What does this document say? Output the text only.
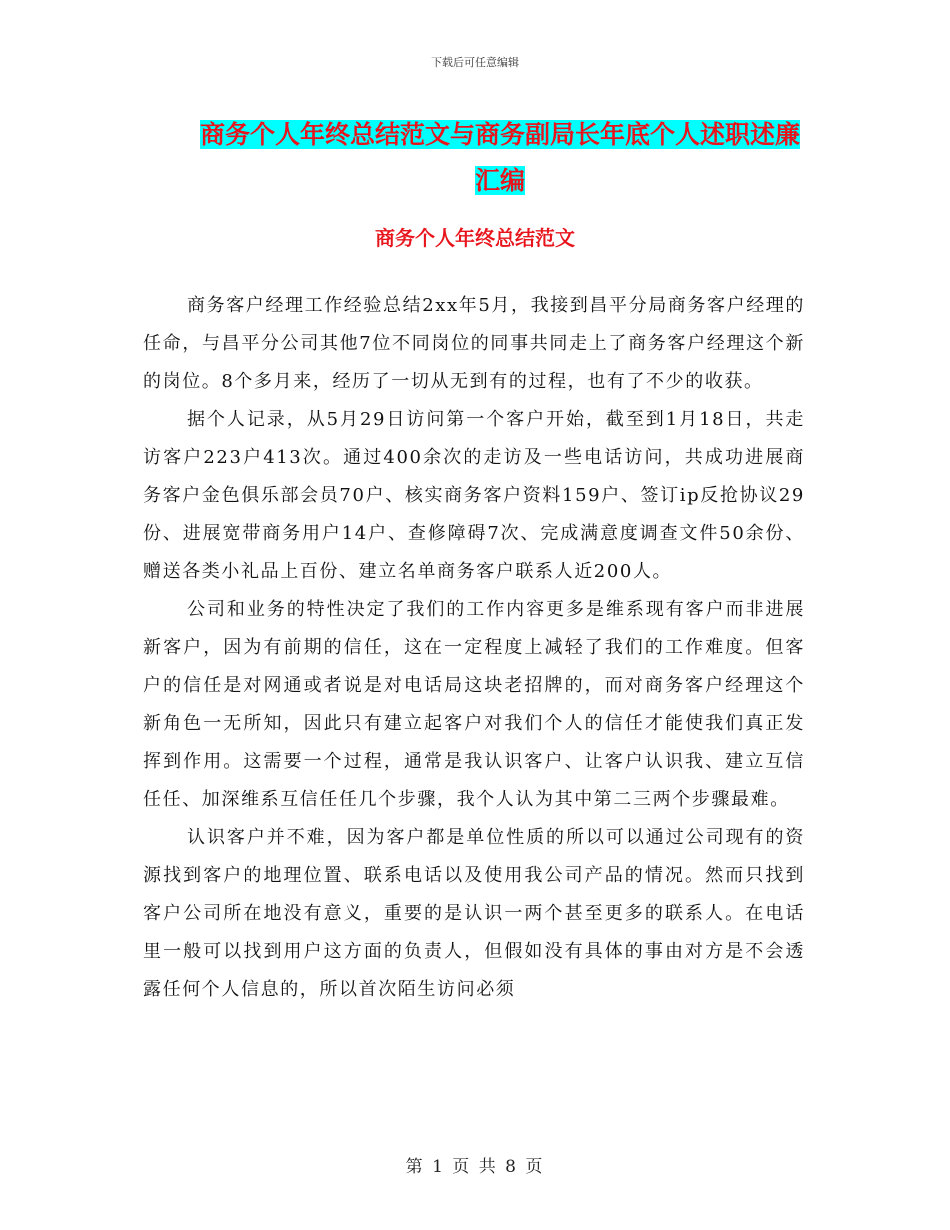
下载后可任意编辑
商务个人年终总结范文与商务副局长年底个人述职述廉汇编
商务个人年终总结范文

商务客户经理工作经验总结2xx年5月，我接到昌平分局商务客户经理的任命，与昌平分公司其他7位不同岗位的同事共同走上了商务客户经理这个新的岗位。8个多月来，经历了一切从无到有的过程，也有了不少的收获。

据个人记录，从5月29日访问第一个客户开始，截至到1月18日，共走访客户223户413次。通过400余次的走访及一些电话访问，共成功进展商务客户金色俱乐部会员70户、核实商务客户资料159户、签订ip反抢协议29份、进展宽带商务用户14户、查修障碍7次、完成满意度调查文件50余份、赠送各类小礼品上百份、建立名单商务客户联系人近200人。

公司和业务的特性决定了我们的工作内容更多是维系现有客户而非进展新客户，因为有前期的信任，这在一定程度上减轻了我们的工作难度。但客户的信任是对网通或者说是对电话局这块老招牌的，而对商务客户经理这个新角色一无所知，因此只有建立起客户对我们个人的信任才能使我们真正发挥到作用。这需要一个过程，通常是我认识客户、让客户认识我、建立互信任任、加深维系互信任任几个步骤，我个人认为其中第二三两个步骤最难。

认识客户并不难，因为客户都是单位性质的所以可以通过公司现有的资源找到客户的地理位置、联系电话以及使用我公司产品的情况。然而只找到客户公司所在地没有意义，重要的是认识一两个甚至更多的联系人。在电话里一般可以找到用户这方面的负责人，但假如没有具体的事由对方是不会透露任何个人信息的，所以首次陌生访问必须

第 1 页 共 8 页
